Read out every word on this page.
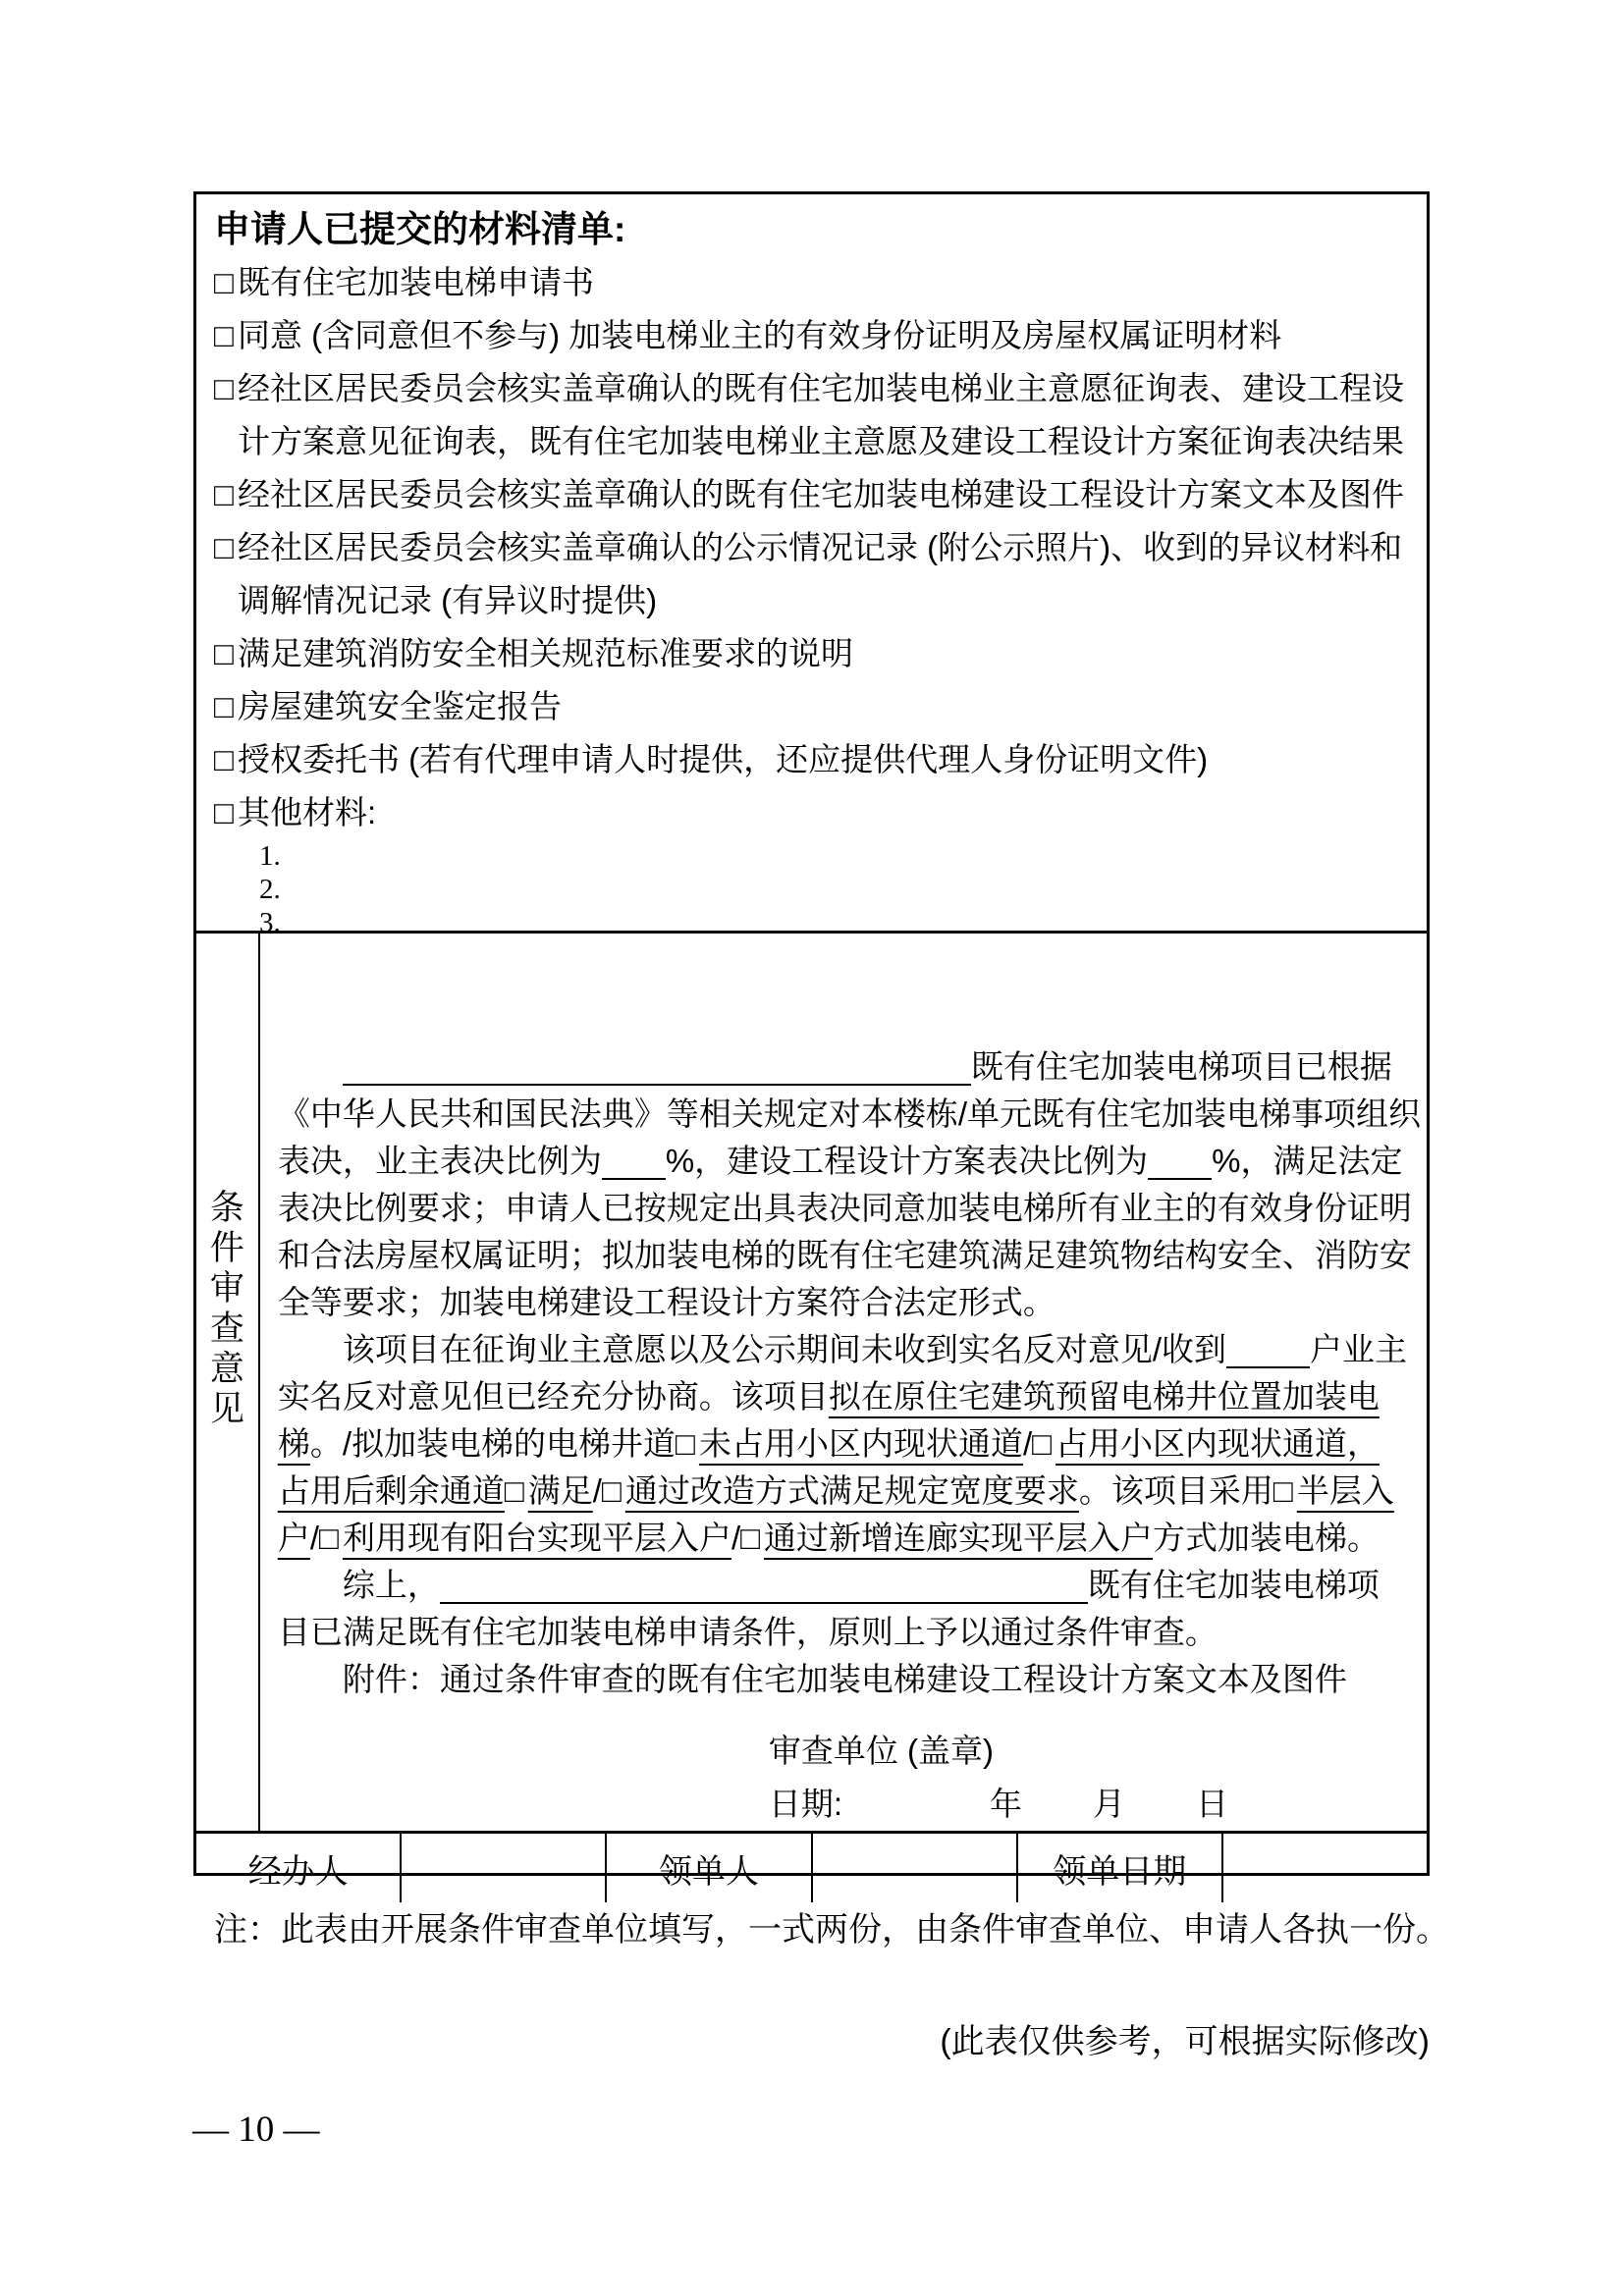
申请人已提交的材料清单:
□ 既有住宅加装电梯申请书
□ 同意 (含同意但不参与) 加装电梯业主的有效身份证明及房屋权属证明材料
□ 经社区居民委员会核实盖章确认的既有住宅加装电梯业主意愿征询表、建设工程设
计方案意见征询表，既有住宅加装电梯业主意愿及建设工程设计方案征询表决结果
□ 经社区居民委员会核实盖章确认的既有住宅加装电梯建设工程设计方案文本及图件
□ 经社区居民委员会核实盖章确认的公示情况记录 (附公示照片)、收到的异议材料和
调解情况记录 (有异议时提供)
□ 满足建筑消防安全相关规范标准要求的说明
□ 房屋建筑安全鉴定报告
□ 授权委托书 (若有代理申请人时提供，还应提供代理人身份证明文件)
□ 其他材料:
1.
2.
3.
条
件
审
查
意
见
既有住宅加装电梯项目已根据
《中华人民共和国民法典》等相关规定对本楼栋/单元既有住宅加装电梯事项组织
表决，业主表决比例为 %，建设工程设计方案表决比例为 %，满足法定
表决比例要求；申请人已按规定出具表决同意加装电梯所有业主的有效身份证明
和合法房屋权属证明；拟加装电梯的既有住宅建筑满足建筑物结构安全、消防安
全等要求；加装电梯建设工程设计方案符合法定形式。
该项目在征询业主意愿以及公示期间未收到实名反对意见/收到	户业主
实名反对意见但已经充分协商。该项目拟在原住宅建筑预留电梯井位置加装电
梯。/拟加装电梯的电梯井道□ 未占用小区内现状通道/□ 占用小区内现状通道，
占用后剩余通道□ 满足/□ 通过改造方式满足规定宽度要求。该项目采用□ 半层入
户/□ 利用现有阳台实现平层入户/□ 通过新增连廊实现平层入户方式加装电梯。
综上，	既有住宅加装电梯项
目已满足既有住宅加装电梯申请条件，原则上予以通过条件审查。
附件：通过条件审查的既有住宅加装电梯建设工程设计方案文本及图件
审查单位 (盖章)
日期:	年 月 日
经办人	领单人	领单日期
注：此表由开展条件审查单位填写，一式两份，由条件审查单位、申请人各执一份。
(此表仅供参考，可根据实际修改)
— 10 —
